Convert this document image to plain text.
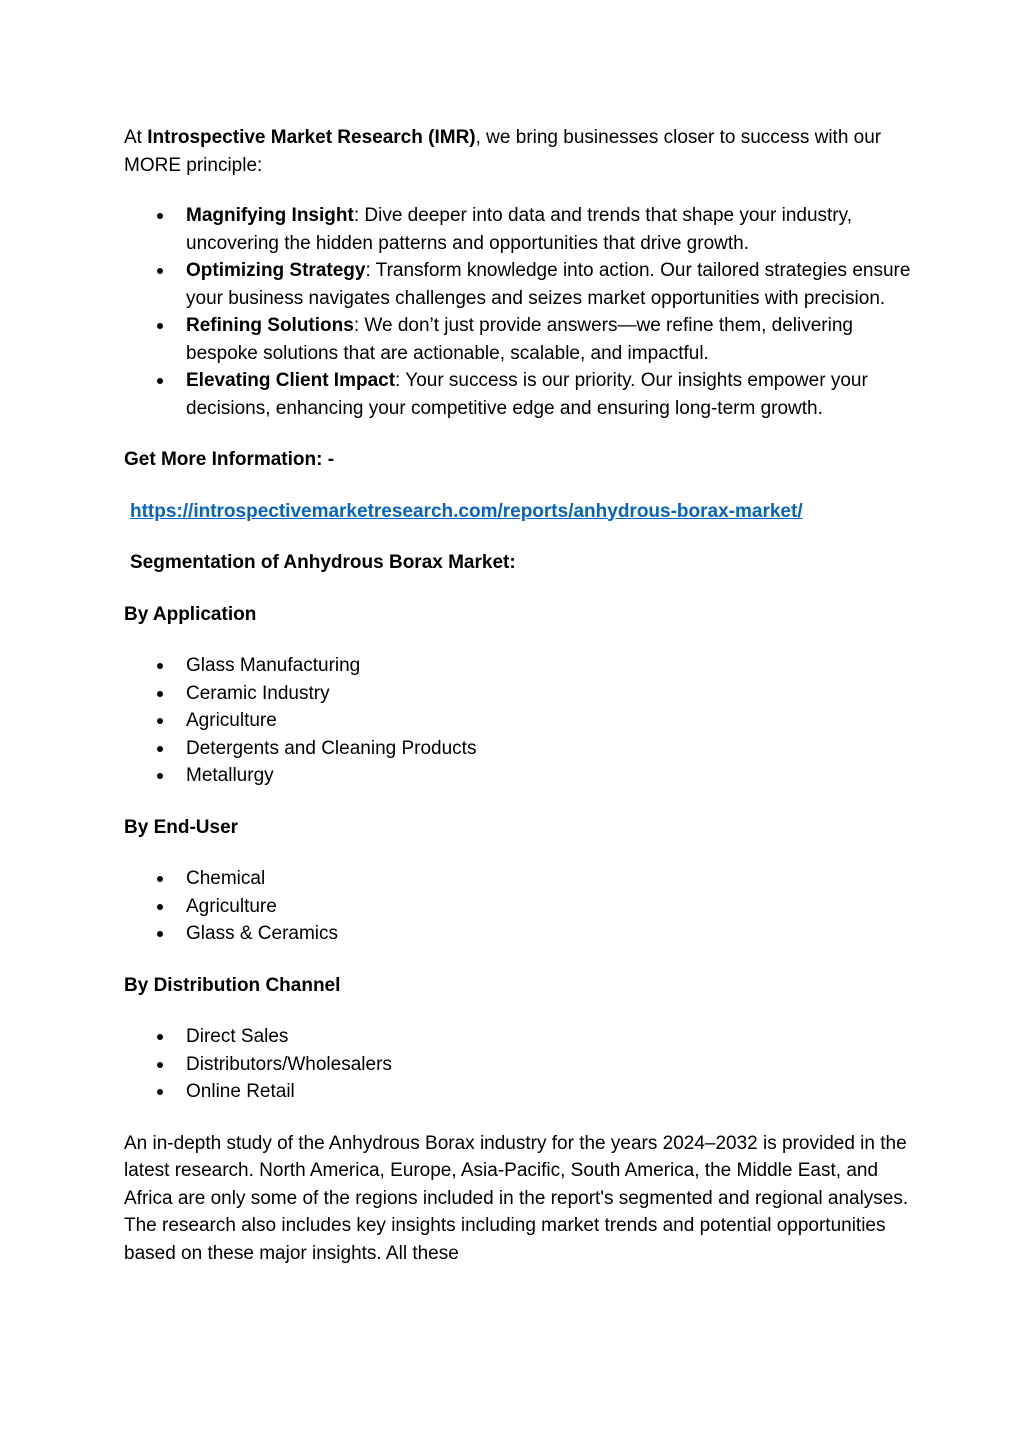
At Introspective Market Research (IMR), we bring businesses closer to success with our MORE principle:

Magnifying Insight: Dive deeper into data and trends that shape your industry, uncovering the hidden patterns and opportunities that drive growth.
Optimizing Strategy: Transform knowledge into action. Our tailored strategies ensure your business navigates challenges and seizes market opportunities with precision.
Refining Solutions: We don’t just provide answers—we refine them, delivering bespoke solutions that are actionable, scalable, and impactful.
Elevating Client Impact: Your success is our priority. Our insights empower your decisions, enhancing your competitive edge and ensuring long-term growth.

Get More Information: -

https://introspectivemarketresearch.com/reports/anhydrous-borax-market/

Segmentation of Anhydrous Borax Market:

By Application

Glass Manufacturing
Ceramic Industry
Agriculture
Detergents and Cleaning Products
Metallurgy

By End-User

Chemical
Agriculture
Glass & Ceramics

By Distribution Channel

Direct Sales
Distributors/Wholesalers
Online Retail

An in-depth study of the Anhydrous Borax industry for the years 2024–2032 is provided in the latest research. North America, Europe, Asia-Pacific, South America, the Middle East, and Africa are only some of the regions included in the report's segmented and regional analyses. The research also includes key insights including market trends and potential opportunities based on these major insights. All these
